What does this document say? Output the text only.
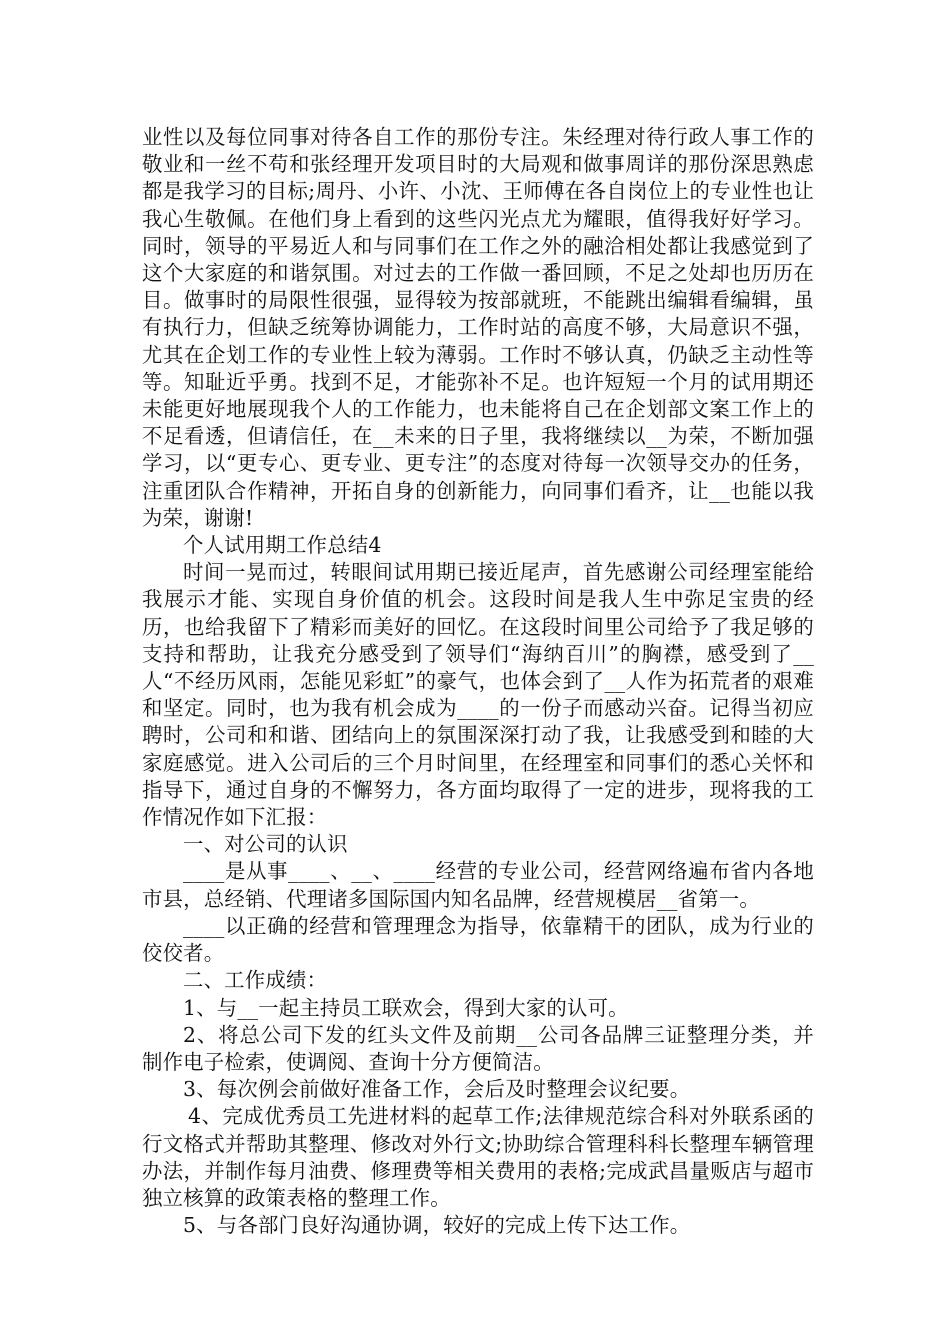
业性以及每位同事对待各自工作的那份专注。朱经理对待行政人事工作的敬业和一丝不苟和张经理开发项目时的大局观和做事周详的那份深思熟虑都是我学习的目标;周丹、小许、小沈、王师傅在各自岗位上的专业性也让我心生敬佩。在他们身上看到的这些闪光点尤为耀眼，值得我好好学习。同时，领导的平易近人和与同事们在工作之外的融洽相处都让我感觉到了这个大家庭的和谐氛围。对过去的工作做一番回顾，不足之处却也历历在目。做事时的局限性很强，显得较为按部就班，不能跳出编辑看编辑，虽有执行力，但缺乏统筹协调能力，工作时站的高度不够，大局意识不强，尤其在企划工作的专业性上较为薄弱。工作时不够认真，仍缺乏主动性等等。知耻近乎勇。找到不足，才能弥补不足。也许短短一个月的试用期还未能更好地展现我个人的工作能力，也未能将自己在企划部文案工作上的不足看透，但请信任，在__未来的日子里，我将继续以__为荣，不断加强学习，以“更专心、更专业、更专注”的态度对待每一次领导交办的任务，注重团队合作精神，开拓自身的创新能力，向同事们看齐，让__也能以我为荣，谢谢!

个人试用期工作总结4

时间一晃而过，转眼间试用期已接近尾声，首先感谢公司经理室能给我展示才能、实现自身价值的机会。这段时间是我人生中弥足宝贵的经历，也给我留下了精彩而美好的回忆。在这段时间里公司给予了我足够的支持和帮助，让我充分感受到了领导们“海纳百川”的胸襟，感受到了__人“不经历风雨，怎能见彩虹”的豪气，也体会到了__人作为拓荒者的艰难和坚定。同时，也为我有机会成为____的一份子而感动兴奋。记得当初应聘时，公司和和谐、团结向上的氛围深深打动了我，让我感受到和睦的大家庭感觉。进入公司后的三个月时间里，在经理室和同事们的悉心关怀和指导下，通过自身的不懈努力，各方面均取得了一定的进步，现将我的工作情况作如下汇报：

一、对公司的认识

____是从事____、__、____经营的专业公司，经营网络遍布省内各地市县，总经销、代理诸多国际国内知名品牌，经营规模居__省第一。

____以正确的经营和管理理念为指导，依靠精干的团队，成为行业的佼佼者。

二、工作成绩：

1、与__一起主持员工联欢会，得到大家的认可。

2、将总公司下发的红头文件及前期__公司各品牌三证整理分类，并制作电子检索，使调阅、查询十分方便简洁。

3、每次例会前做好准备工作，会后及时整理会议纪要。

4、完成优秀员工先进材料的起草工作;法律规范综合科对外联系函的行文格式并帮助其整理、修改对外行文;协助综合管理科科长整理车辆管理办法，并制作每月油费、修理费等相关费用的表格;完成武昌量贩店与超市独立核算的政策表格的整理工作。

5、与各部门良好沟通协调，较好的完成上传下达工作。
